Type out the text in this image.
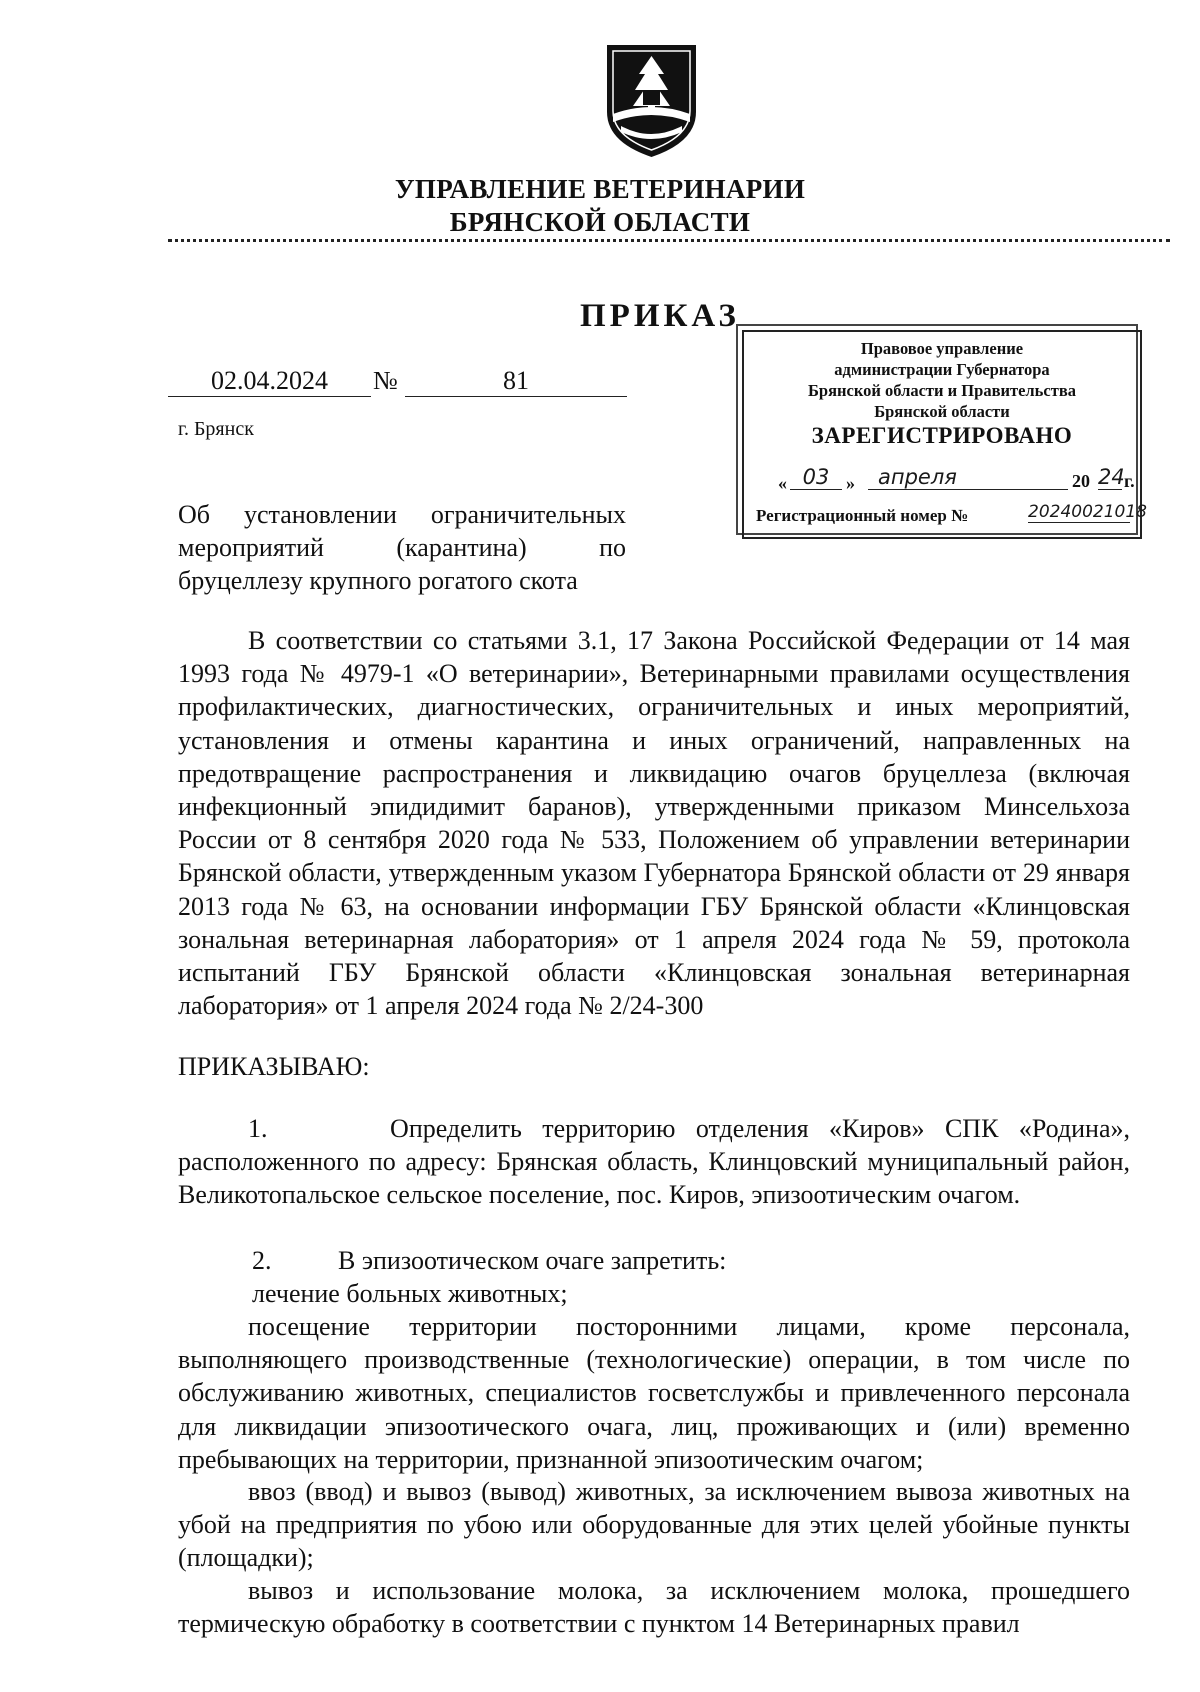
УПРАВЛЕНИЕ ВЕТЕРИНАРИИ
БРЯНСКОЙ ОБЛАСТИ
ПРИКАЗ
02.04.2024	№	81
г. Брянск
Правовое управление
администрации Губернатора
Брянской области и Правительства
Брянской области
ЗАРЕГИСТРИРОВАНО
« 03 »	апреля	20 24 г.
Регистрационный номер №	20240021018
Об установлении ограничительных
мероприятий (карантина) по
бруцеллезу крупного рогатого скота
В соответствии со статьями 3.1, 17 Закона Российской Федерации от 14 мая 1993 года № 4979-1 «О ветеринарии», Ветеринарными правилами осуществления профилактических, диагностических, ограничительных и иных мероприятий, установления и отмены карантина и иных ограничений, направленных на предотвращение распространения и ликвидацию очагов бруцеллеза (включая инфекционный эпидидимит баранов), утвержденными приказом Минсельхоза России от 8 сентября 2020 года № 533, Положением об управлении ветеринарии Брянской области, утвержденным указом Губернатора Брянской области от 29 января 2013 года № 63, на основании информации ГБУ Брянской области «Клинцовская зональная ветеринарная лаборатория» от 1 апреля 2024 года № 59, протокола испытаний ГБУ Брянской области «Клинцовская зональная ветеринарная лаборатория» от 1 апреля 2024 года № 2/24-300
ПРИКАЗЫВАЮ:
1.      Определить территорию отделения «Киров» СПК «Родина», расположенного по адресу: Брянская область, Клинцовский муниципальный район, Великотопальское сельское поселение, пос. Киров, эпизоотическим очагом.
2.	В эпизоотическом очаге запретить:
лечение больных животных;
посещение территории посторонними лицами, кроме персонала, выполняющего производственные (технологические) операции, в том числе по обслуживанию животных, специалистов госветслужбы и привлеченного персонала для ликвидации эпизоотического очага, лиц, проживающих и (или) временно пребывающих на территории, признанной эпизоотическим очагом;
ввоз (ввод) и вывоз (вывод) животных, за исключением вывоза животных на убой на предприятия по убою или оборудованные для этих целей убойные пункты (площадки);
вывоз и использование молока, за исключением молока, прошедшего термическую обработку в соответствии с пунктом 14 Ветеринарных правил
